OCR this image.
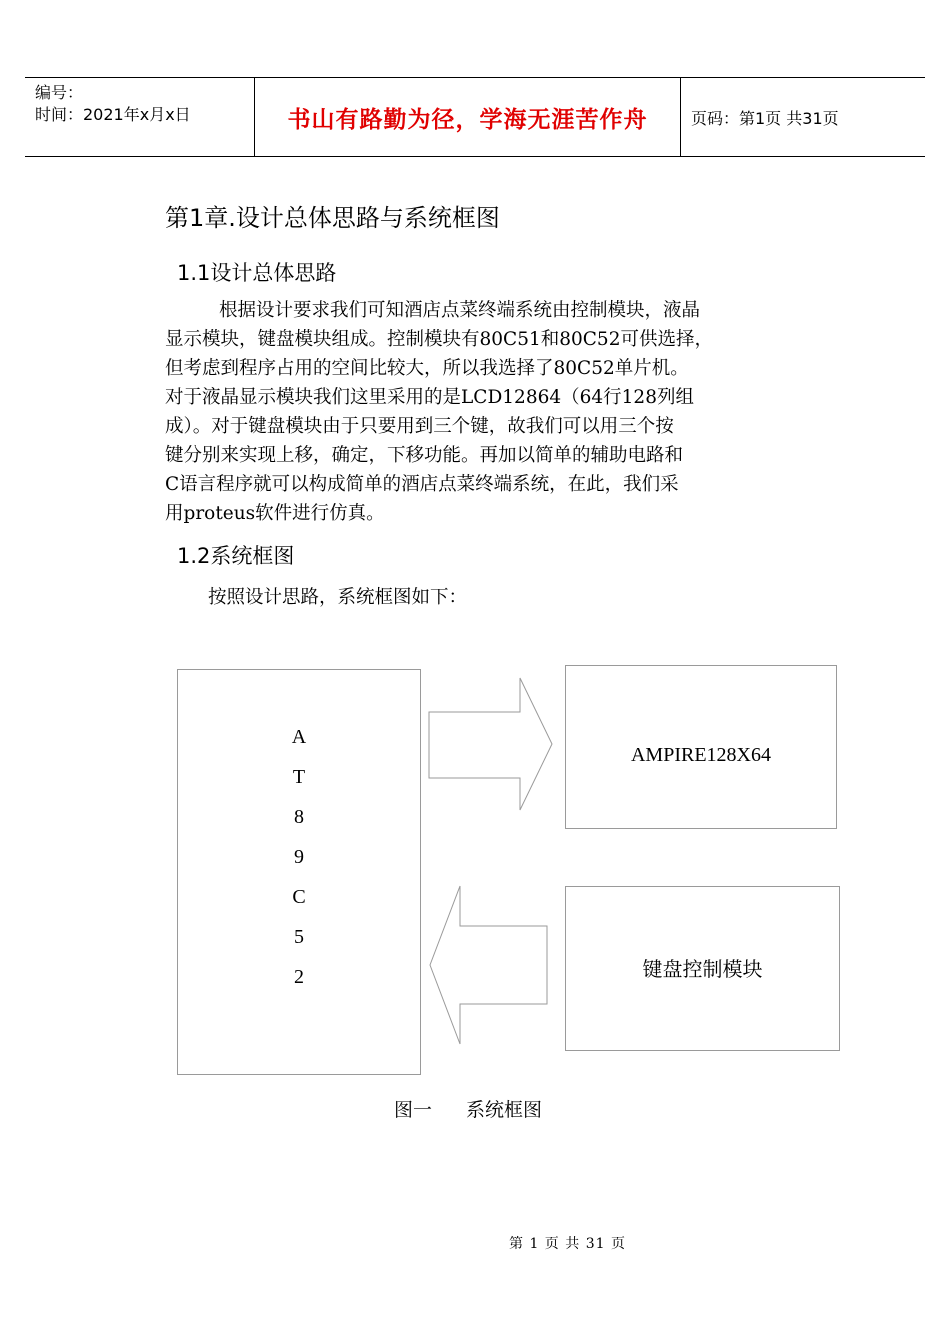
编号：
时间：2021年x月x日	书山有路勤为径，学海无涯苦作舟	页码：第1页 共31页
第1章.设计总体思路与系统框图
1.1设计总体思路
根据设计要求我们可知酒店点菜终端系统由控制模块，液晶
显示模块，键盘模块组成。控制模块有80C51和80C52可供选择，
但考虑到程序占用的空间比较大，所以我选择了80C52单片机。
对于液晶显示模块我们这里采用的是LCD12864（64行128列组
成）。对于键盘模块由于只要用到三个键，故我们可以用三个按
键分别来实现上移，确定，下移功能。再加以简单的辅助电路和
C语言程序就可以构成简单的酒店点菜终端系统，在此，我们采
用proteus软件进行仿真。
1.2系统框图
按照设计思路，系统框图如下：
A
T
8
9
C
5
2
AMPIRE128X64
键盘控制模块
图一 系统框图
第 1 页 共 31 页
